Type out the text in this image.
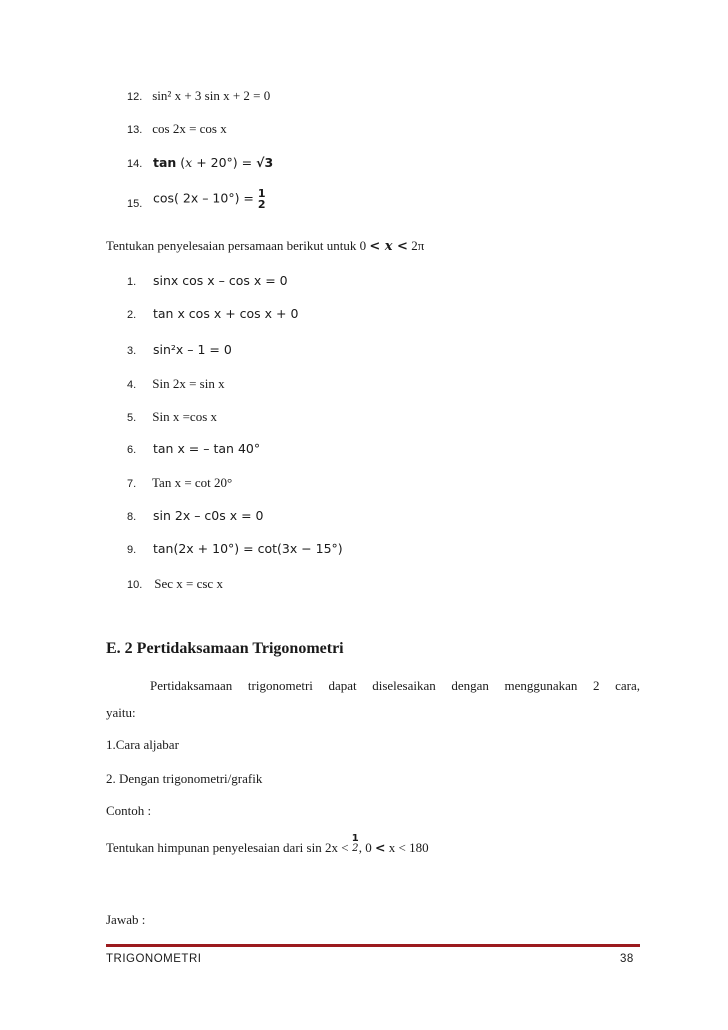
12. sin² x + 3 sin x + 2 = 0
13. cos 2x = cos x
14. tan (x + 20°) = √3
15. cos( 2x – 10°) = 1
2
Tentukan penyelesaian persamaan berikut untuk 0 < x < 2π
1. sinx cos x – cos x = 0
2. tan x cos x + cos x + 0
3. sin²x – 1 = 0
4. Sin 2x = sin x
5. Sin x =cos x
6. tan x = – tan 40°
7. Tan x = cot 20°
8. sin 2x – c0s x = 0
9. tan(2x + 10°) = cot(3x − 15°)
10. Sec x = csc x
E. 2 Pertidaksamaan Trigonometri
Pertidaksamaan trigonometri dapat diselesaikan dengan menggunakan 2 cara,
yaitu:
1.Cara aljabar
2. Dengan trigonometri/grafik
Contoh :
Tentukan himpunan penyelesaian dari sin 2x <
1
2 , 0 < x < 180
Jawab :
TRIGONOMETRI	38
